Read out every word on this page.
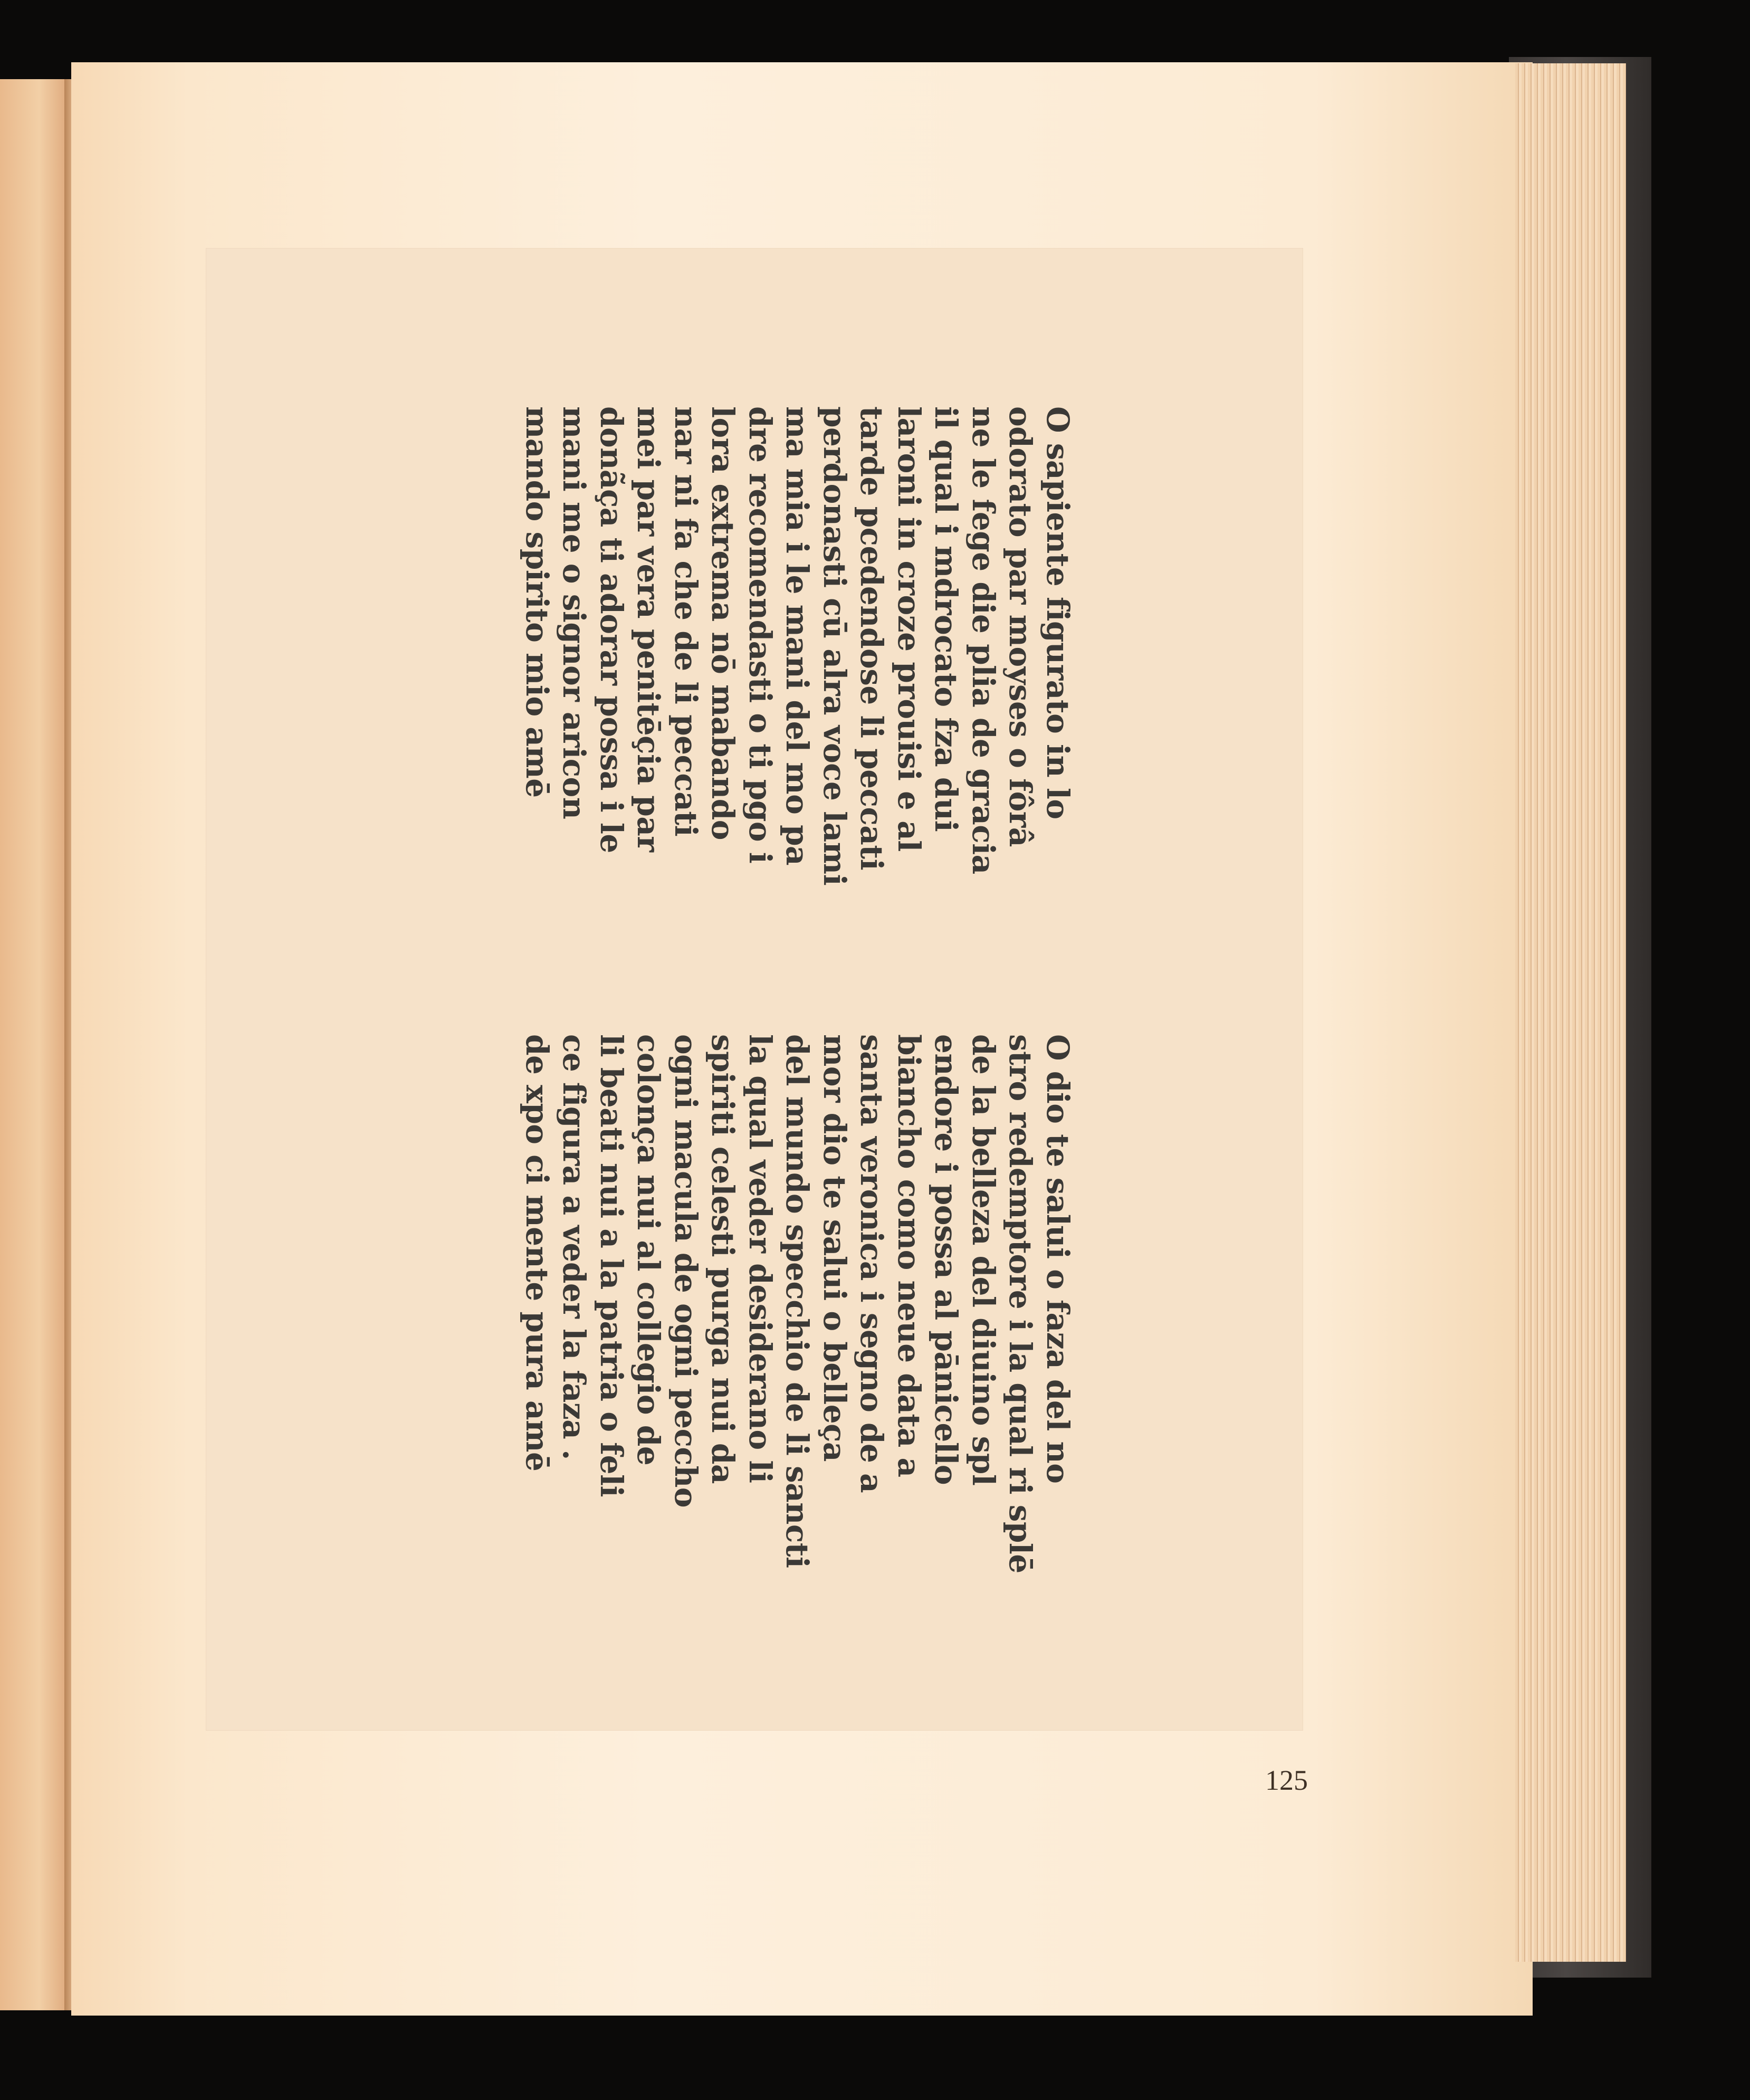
O sapiente figurato in lo
odorato par moyses o fôrâ
ne le fege die plia de gracia
il qual i mdrocato fza dui
laroni in croze prouisi e al
tarde pcedendose li peccati
perdonasti cū alra voce lami
ma mia i le mani del mo pa
dre recomendasti o ti pgo i
lora extrema nō mabando
nar ni fa che de li peccati
mei par vera penitēçia par
donãça ti adorar possa i le
mani me o signor aricon
mando spirito mio amē
O dio te salui o faza del no
stro redemptore i la qual ri splē
de la belleza del diuino spl
endore i possa al pānicello
biancho como neue data a
santa veronica i segno de a
mor dio te salui o belleça
del mundo specchio de li sancti
la qual veder desiderano li
spiriti celesti purga nui da
ogni macula de ogni peccho
colonça nui al collegio de
li beati nui a la patria o feli
ce figura a veder la faza .
de xpo ci mente pura amē
125
